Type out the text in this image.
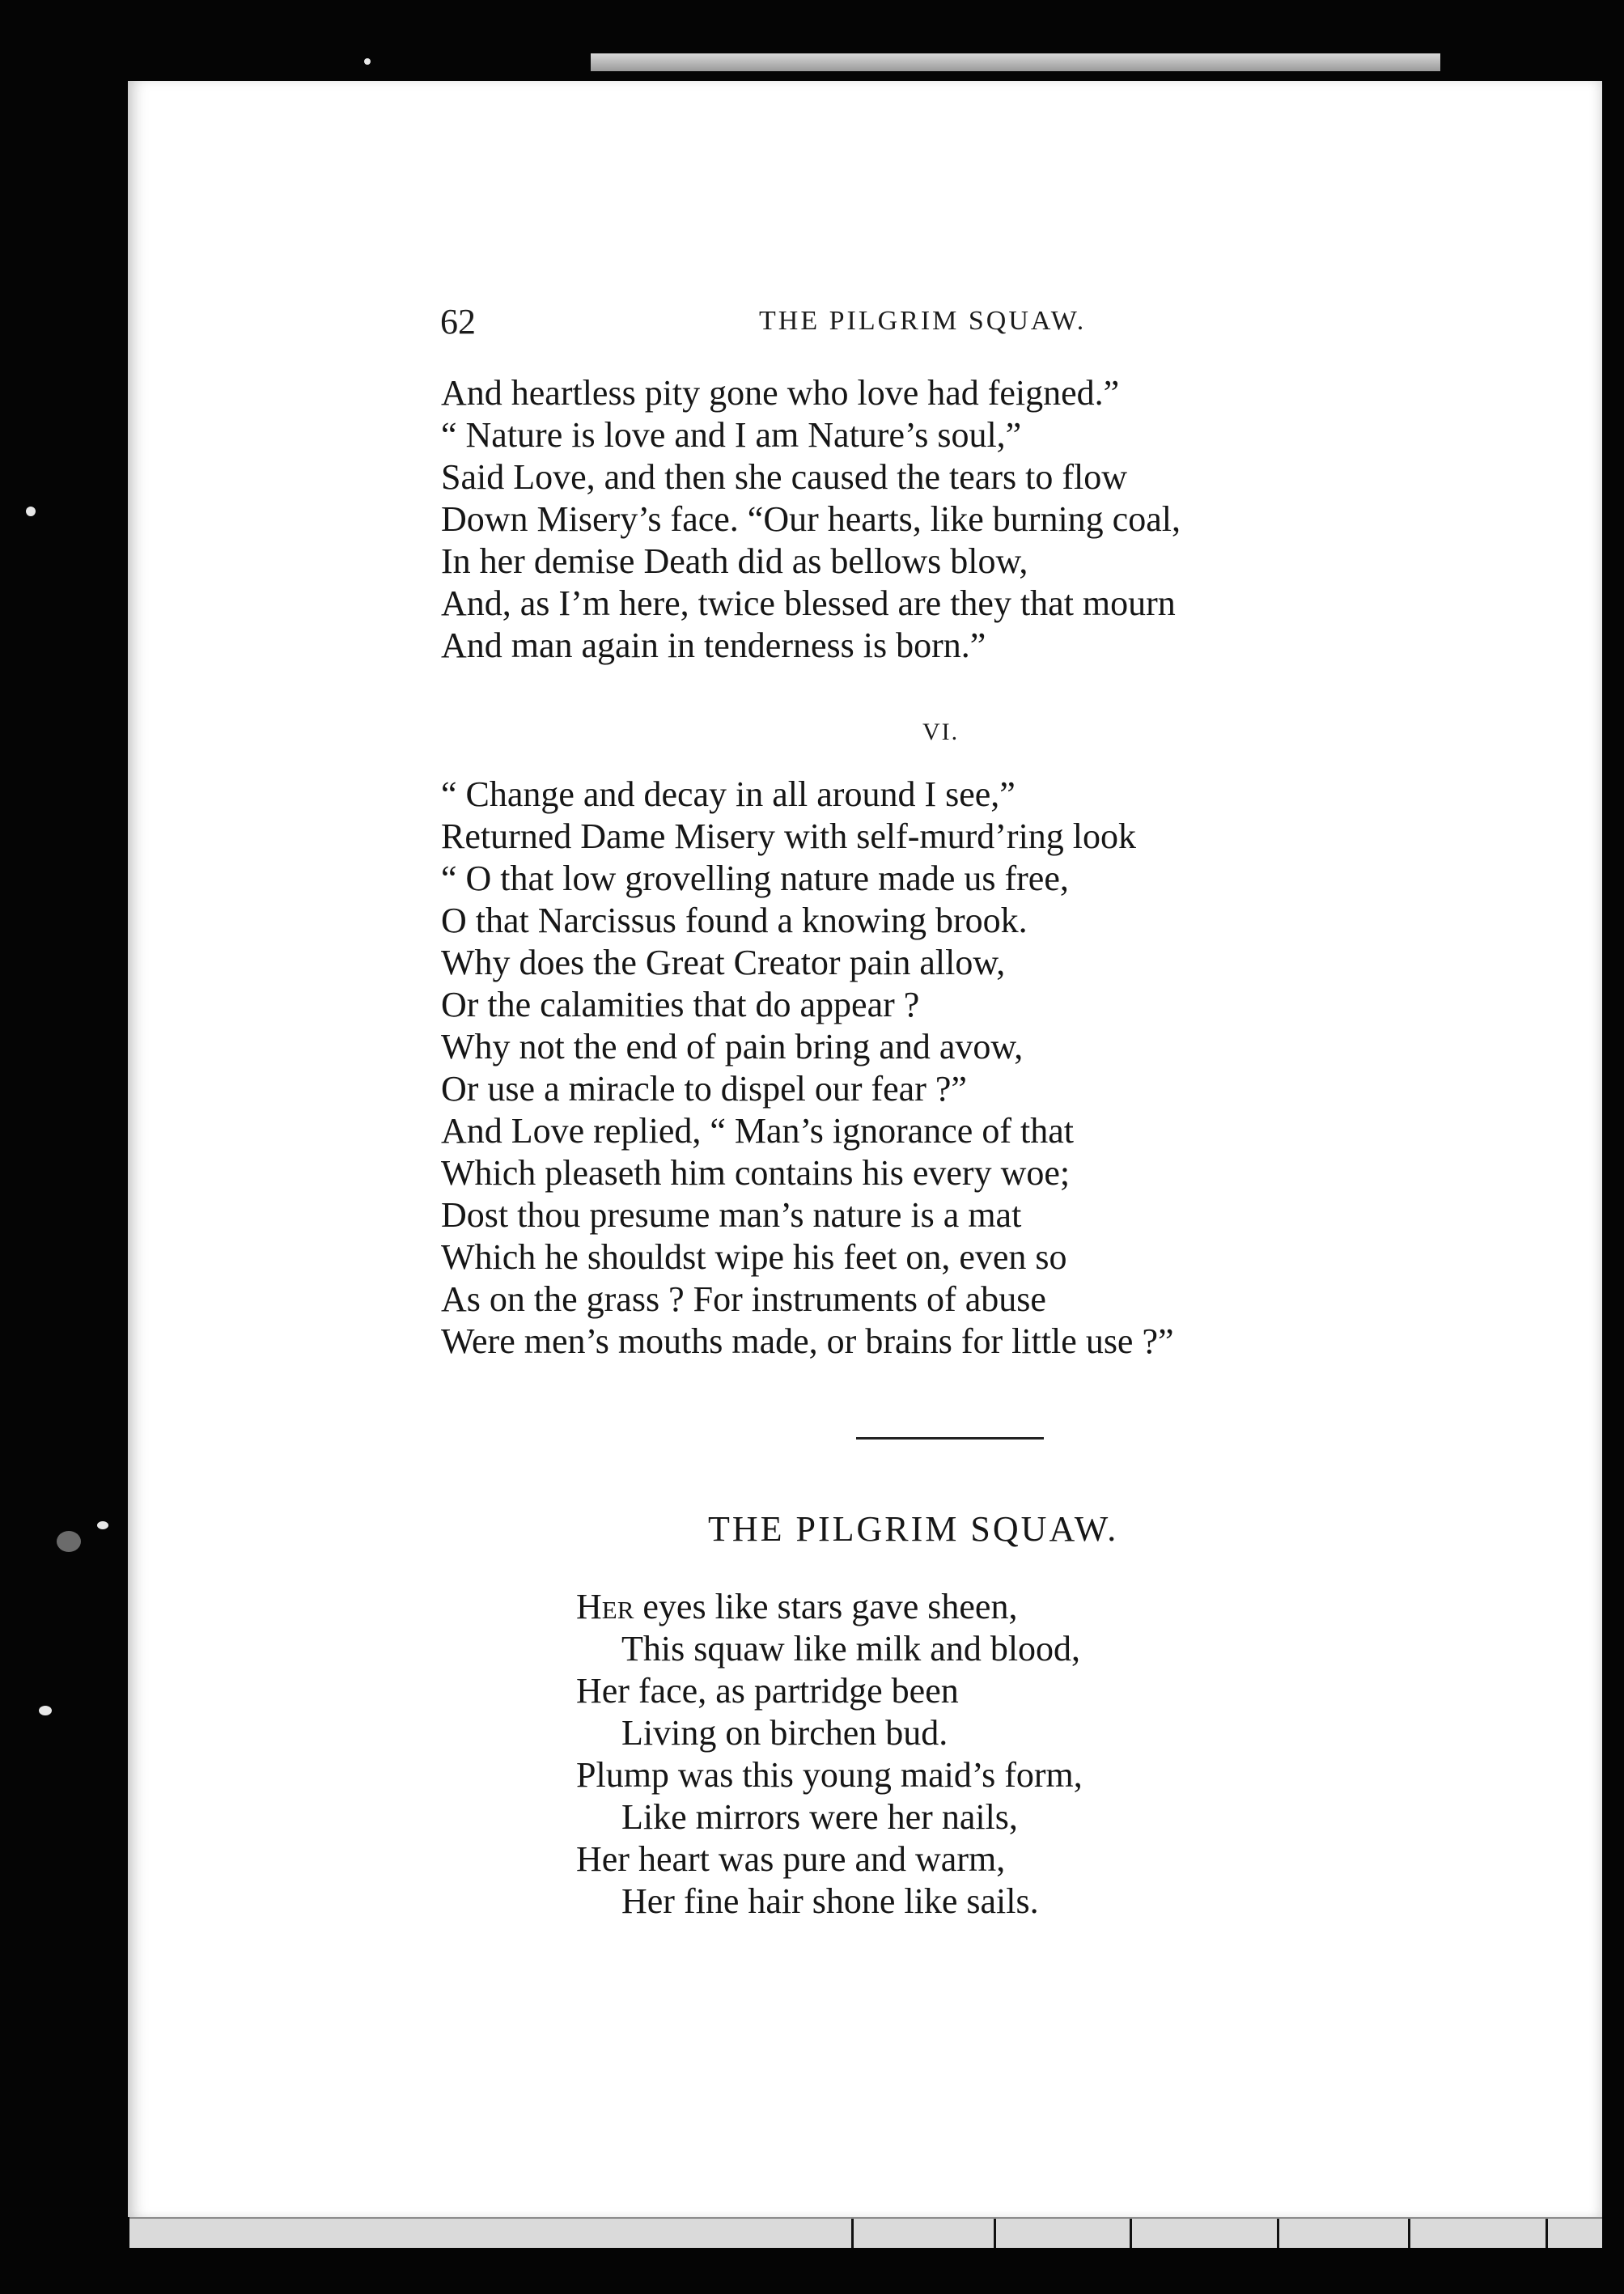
62	THE PILGRIM SQUAW.
And heartless pity gone who love had feigned.”
“ Nature is love and I am Nature’s soul,”
Said Love, and then she caused the tears to flow
Down Misery’s face. “Our hearts, like burning coal,
In her demise Death did as bellows blow,
And, as I’m here, twice blessed are they that mourn
And man again in tenderness is born.”
VI.
“ Change and decay in all around I see,”
Returned Dame Misery with self-murd’ring look
“ O that low grovelling nature made us free,
O that Narcissus found a knowing brook.
Why does the Great Creator pain allow,
Or the calamities that do appear ?
Why not the end of pain bring and avow,
Or use a miracle to dispel our fear ?”
And Love replied, “ Man’s ignorance of that
Which pleaseth him contains his every woe;
Dost thou presume man’s nature is a mat
Which he shouldst wipe his feet on, even so
As on the grass ? For instruments of abuse
Were men’s mouths made, or brains for little use ?”
THE PILGRIM SQUAW.
Her eyes like stars gave sheen,
This squaw like milk and blood,
Her face, as partridge been
Living on birchen bud.
Plump was this young maid’s form,
Like mirrors were her nails,
Her heart was pure and warm,
Her fine hair shone like sails.
